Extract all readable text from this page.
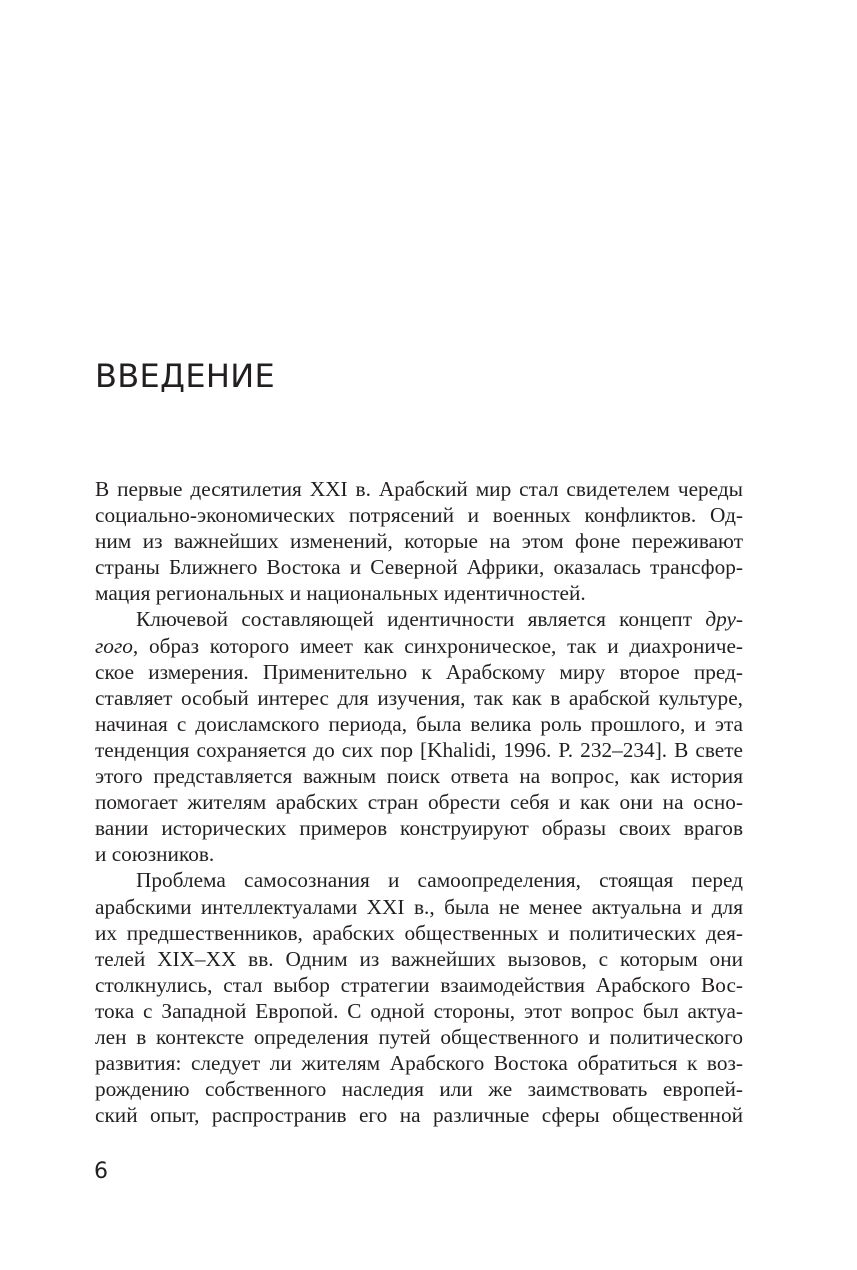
ВВЕДЕНИЕ
В первые десятилетия XXI в. Арабский мир стал свидетелем череды
социально-экономических потрясений и военных конфликтов. Од-
ним из важнейших изменений, которые на этом фоне переживают
страны Ближнего Востока и Северной Африки, оказалась трансфор-
мация региональных и национальных идентичностей.
Ключевой составляющей идентичности является концепт дру-
гого, образ которого имеет как синхроническое, так и диахрониче-
ское измерения. Применительно к Арабскому миру второе пред-
ставляет особый интерес для изучения, так как в арабской культуре,
начиная с доисламского периода, была велика роль прошлого, и эта
тенденция сохраняется до сих пор [Khalidi, 1996. P. 232–234]. В свете
этого представляется важным поиск ответа на вопрос, как история
помогает жителям арабских стран обрести себя и как они на осно-
вании исторических примеров конструируют образы своих врагов
и союзников.
Проблема самосознания и самоопределения, стоящая перед
арабскими интеллектуалами XXI в., была не менее актуальна и для
их предшественников, арабских общественных и политических дея-
телей XIX–XX вв. Одним из важнейших вызовов, с которым они
столкнулись, стал выбор стратегии взаимодействия Арабского Вос-
тока с Западной Европой. С одной стороны, этот вопрос был актуа-
лен в контексте определения путей общественного и политического
развития: следует ли жителям Арабского Востока обратиться к воз-
рождению собственного наследия или же заимствовать европей-
ский опыт, распространив его на различные сферы общественной
6
